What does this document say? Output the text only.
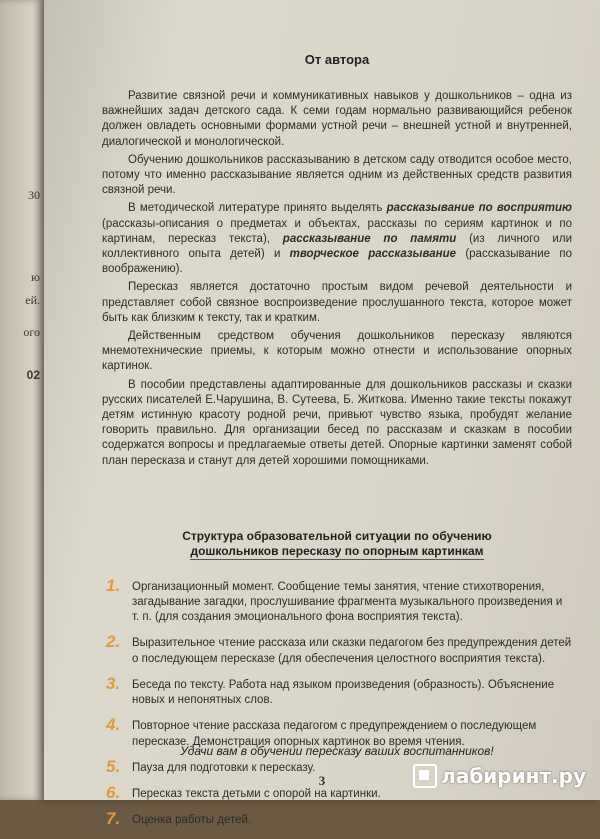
30
ю
ей.
ого
02
От автора

Развитие связной речи и коммуникативных навыков у дошкольников – одна из важнейших задач детского сада. К семи годам нормально развивающийся ребенок должен овладеть основными формами устной речи – внешней устной и внутренней, диалогической и монологической.

Обучению дошкольников рассказыванию в детском саду отводится особое место, потому что именно рассказывание является одним из действенных средств развития связной речи.

В методической литературе принято выделять рассказывание по восприятию (рассказы-описания о предметах и объектах, рассказы по сериям картинок и по картинам, пересказ текста), рассказывание по памяти (из личного или коллективного опыта детей) и творческое рассказывание (рассказывание по воображению).

Пересказ является достаточно простым видом речевой деятельности и представляет собой связное воспроизведение прослушанного текста, которое может быть как близким к тексту, так и кратким.

Действенным средством обучения дошкольников пересказу являются мнемотехнические приемы, к которым можно отнести и использование опорных картинок.

В пособии представлены адаптированные для дошкольников рассказы и сказки русских писателей Е.Чарушина, В. Сутеева, Б. Житкова. Именно такие тексты покажут детям истинную красоту родной речи, привьют чувство языка, пробудят желание говорить правильно. Для организации бесед по рассказам и сказкам в пособии содержатся вопросы и предлагаемые ответы детей. Опорные картинки заменят собой план пересказа и станут для детей хорошими помощниками.

Структура образовательной ситуации по обучению
дошкольников пересказу по опорным картинкам
1. Организационный момент. Сообщение темы занятия, чтение стихотворения, загадывание загадки, прослушивание фрагмента музыкального произведения и т. п. (для создания эмоционального фона восприятия текста).
2. Выразительное чтение рассказа или сказки педагогом без предупреждения детей о последующем пересказе (для обеспечения целостного восприятия текста).
3. Беседа по тексту. Работа над языком произведения (образность). Объяснение новых и непонятных слов.
4. Повторное чтение рассказа педагогом с предупреждением о последующем пересказе. Демонстрация опорных картинок во время чтения.
5. Пауза для подготовки к пересказу.
6. Пересказ текста детьми с опорой на картинки.
7. Оценка работы детей.
Удачи вам в обучении пересказу ваших воспитанников!
3	лабиринт.ру
